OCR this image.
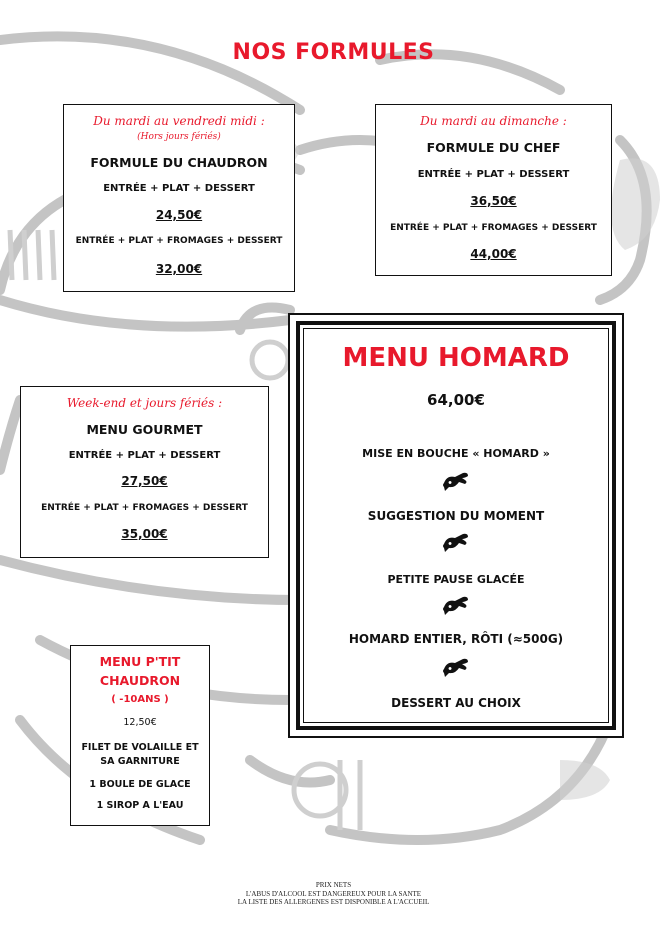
NOS FORMULES
Du mardi au vendredi midi :
(Hors jours fériés)
FORMULE DU CHAUDRON
ENTRÉE + PLAT + DESSERT
24,50€
ENTRÉE + PLAT + FROMAGES + DESSERT
32,00€
Du mardi au dimanche :
FORMULE DU CHEF
ENTRÉE + PLAT + DESSERT
36,50€
ENTRÉE + PLAT + FROMAGES + DESSERT
44,00€
Week-end et jours fériés :
MENU GOURMET
ENTRÉE + PLAT + DESSERT
27,50€
ENTRÉE + PLAT + FROMAGES + DESSERT
35,00€
MENU HOMARD
64,00€
MISE EN BOUCHE « HOMARD »
SUGGESTION DU MOMENT
PETITE PAUSE GLACÉE
HOMARD ENTIER, RÔTI (≈500G)
DESSERT AU CHOIX
MENU P'TIT
CHAUDRON
( -10ANS )
12,50€
FILET DE VOLAILLE ET
SA GARNITURE
1 BOULE DE GLACE
1 SIROP A L'EAU
PRIX NETS
L'ABUS D'ALCOOL EST DANGEREUX POUR LA SANTE
LA LISTE DES ALLERGENES EST DISPONIBLE A L'ACCUEIL
